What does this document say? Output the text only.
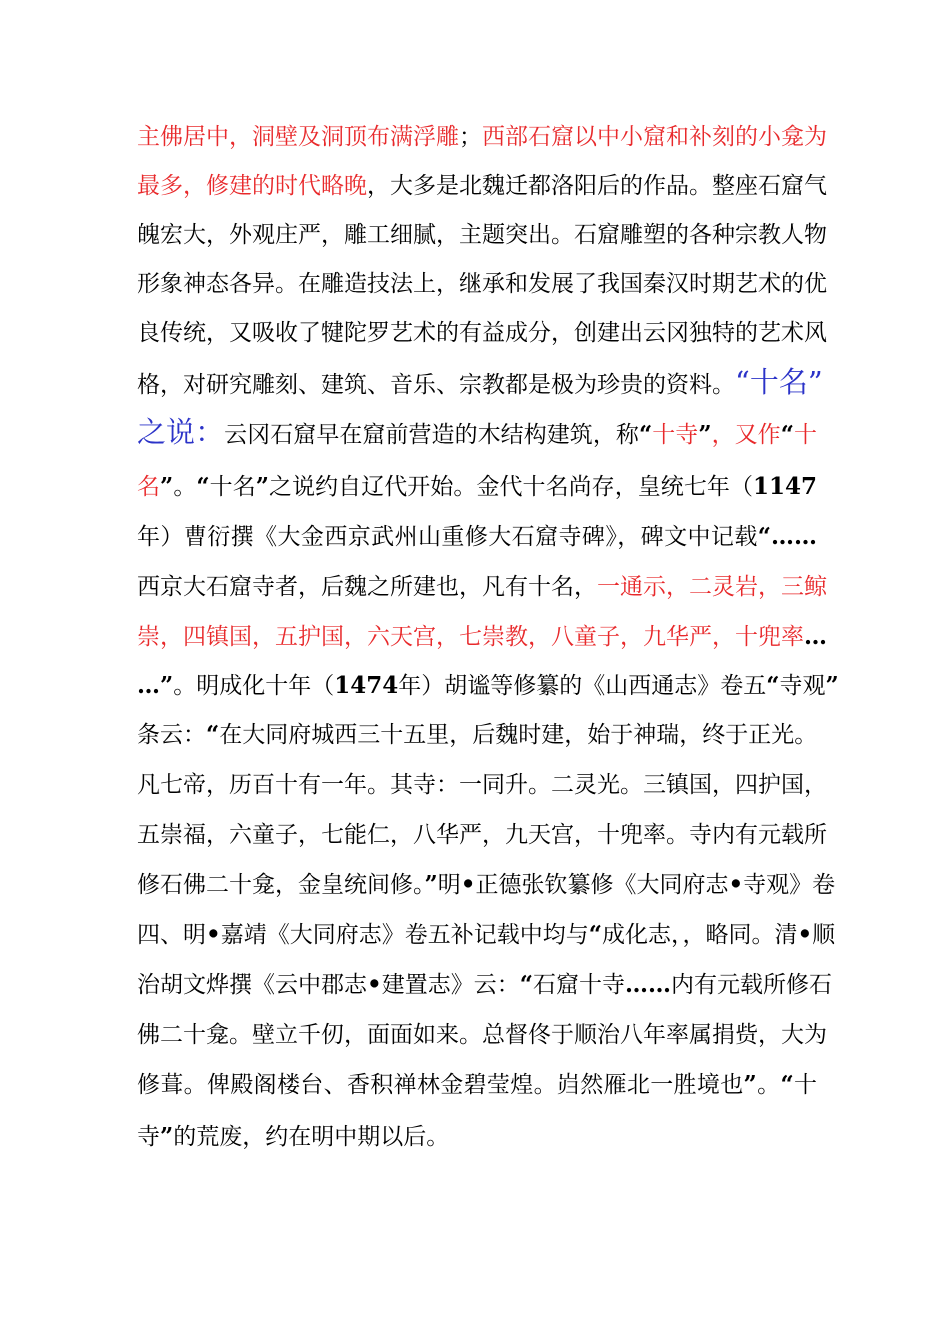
主佛居中，洞壁及洞顶布满浮雕；西部石窟以中小窟和补刻的小龛为
最多，修建的时代略晚，大多是北魏迁都洛阳后的作品。整座石窟气
魄宏大，外观庄严，雕工细腻，主题突出。石窟雕塑的各种宗教人物
形象神态各异。在雕造技法上，继承和发展了我国秦汉时期艺术的优
良传统，又吸收了犍陀罗艺术的有益成分，创建出云冈独特的艺术风
格，对研究雕刻、建筑、音乐、宗教都是极为珍贵的资料。“十名”
之说：云冈石窟早在窟前营造的木结构建筑，称“十寺”，又作“十
名”。“十名”之说约自辽代开始。金代十名尚存，皇统七年（1147
年）曹衍撰《大金西京武州山重修大石窟寺碑》，碑文中记载“……
西京大石窟寺者，后魏之所建也，凡有十名，一通示，二灵岩，三鲸
崇，四镇国，五护国，六天宫，七崇教，八童子，九华严，十兜率…
…”。明成化十年（1474年）胡谧等修纂的《山西通志》卷五“寺观”
条云：“在大同府城西三十五里，后魏时建，始于神瑞，终于正光。
凡七帝，历百十有一年。其寺：一同升。二灵光。三镇国，四护国，
五崇福，六童子，七能仁，八华严，九天宫，十兜率。寺内有元载所
修石佛二十龛，金皇统间修。”明•正德张钦纂修《大同府志•寺观》卷
四、明•嘉靖《大同府志》卷五补记载中均与“成化志，，略同。清•顺
治胡文烨撰《云中郡志•建置志》云：“石窟十寺……内有元载所修石
佛二十龛。壁立千仞，面面如来。总督佟于顺治八年率属捐赀，大为
修葺。俾殿阁楼台、香积禅林金碧莹煌。岿然雁北一胜境也”。“十
寺”的荒废，约在明中期以后。
